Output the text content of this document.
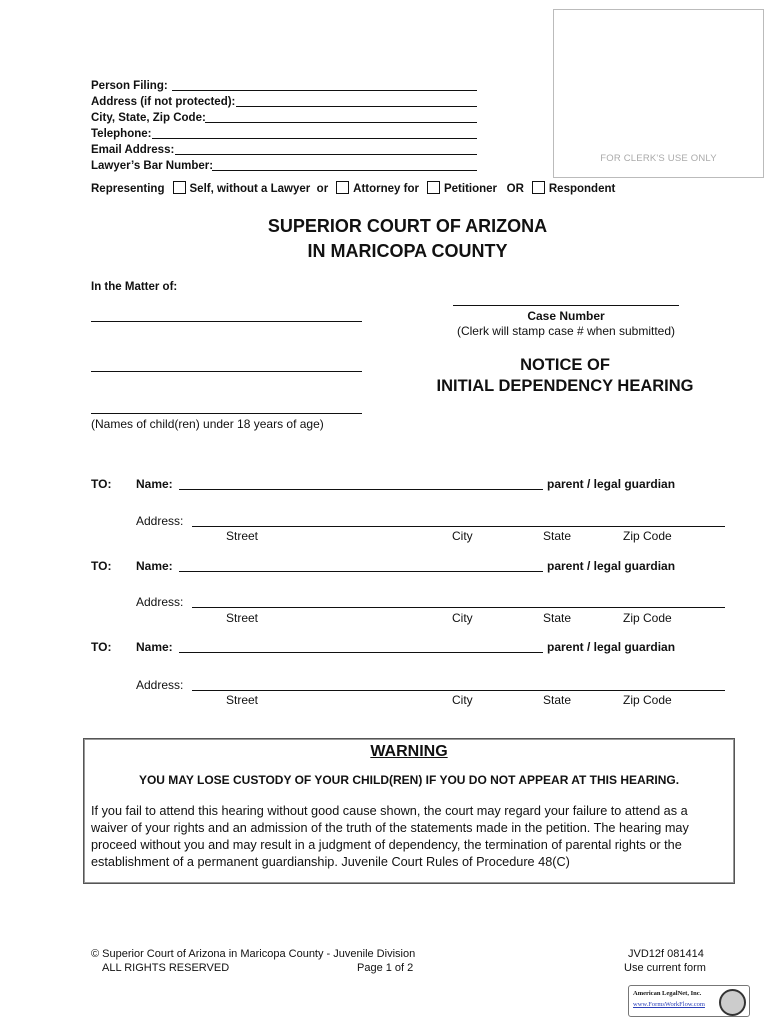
FOR CLERK'S USE ONLY
Person Filing:
Address (if not protected):
City, State, Zip Code:
Telephone:
Email Address:
Lawyer’s Bar Number:
Representing Self, without a Lawyer or Attorney for Petitioner OR Respondent
SUPERIOR COURT OF ARIZONA
IN MARICOPA COUNTY
In the Matter of:
(Names of child(ren) under 18 years of age)
Case Number
(Clerk will stamp case # when submitted)
NOTICE OF
INITIAL DEPENDENCY HEARING
TO: Name:	parent / legal guardian
Address:
Street	City	State	Zip Code
TO: Name:	parent / legal guardian
Address:
Street	City	State	Zip Code
TO: Name:	parent / legal guardian
Address:
Street	City	State	Zip Code
WARNING
YOU MAY LOSE CUSTODY OF YOUR CHILD(REN) IF YOU DO NOT APPEAR AT THIS HEARING.
If you fail to attend this hearing without good cause shown, the court may regard your failure to attend as a waiver of your rights and an admission of the truth of the statements made in the petition. The hearing may proceed without you and may result in a judgment of dependency, the termination of parental rights or the establishment of a permanent guardianship. Juvenile Court Rules of Procedure 48(C)
© Superior Court of Arizona in Maricopa County - Juvenile Division
ALL RIGHTS RESERVED	Page 1 of 2
JVD12f 081414
Use current form
American LegalNet, Inc.
www.FormsWorkFlow.com
